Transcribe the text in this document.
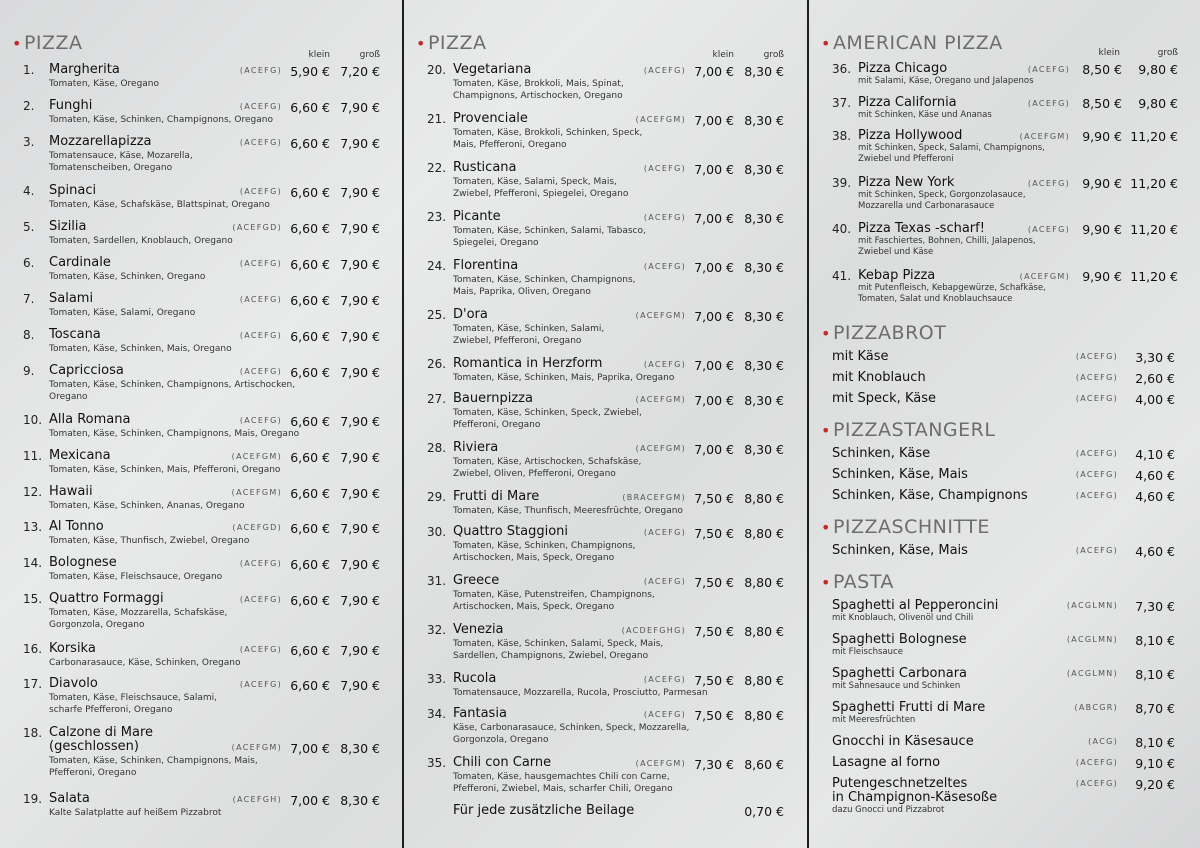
• PIZZA
klein	groß
1. Margherita
Tomaten, Käse, Oregano
(ACEFG) 5,90 € 7,20 €
2. Funghi
Tomaten, Käse, Schinken, Champignons, Oregano
(ACEFG) 6,60 € 7,90 €
3. Mozzarellapizza
Tomatensauce, Käse, Mozarella,
Tomatenscheiben, Oregano
(ACEFG) 6,60 € 7,90 €
4. Spinaci
Tomaten, Käse, Schafskäse, Blattspinat, Oregano
(ACEFG) 6,60 € 7,90 €
5. Sizilia
Tomaten, Sardellen, Knoblauch, Oregano
(ACEFGD) 6,60 € 7,90 €
6. Cardinale
Tomaten, Käse, Schinken, Oregano
(ACEFG) 6,60 € 7,90 €
7. Salami
Tomaten, Käse, Salami, Oregano
(ACEFG) 6,60 € 7,90 €
8. Toscana
Tomaten, Käse, Schinken, Mais, Oregano
(ACEFG) 6,60 € 7,90 €
9. Capricciosa
Tomaten, Käse, Schinken, Champignons, Artischocken,
Oregano
(ACEFG) 6,60 € 7,90 €
10. Alla Romana
Tomaten, Käse, Schinken, Champignons, Mais, Oregano
(ACEFG) 6,60 € 7,90 €
11. Mexicana
Tomaten, Käse, Schinken, Mais, Pfefferoni, Oregano
(ACEFGM) 6,60 € 7,90 €
12. Hawaii
Tomaten, Käse, Schinken, Ananas, Oregano
(ACEFGM) 6,60 € 7,90 €
13. Al Tonno
Tomaten, Käse, Thunfisch, Zwiebel, Oregano
(ACEFGD) 6,60 € 7,90 €
14. Bolognese
Tomaten, Käse, Fleischsauce, Oregano
(ACEFG) 6,60 € 7,90 €
15. Quattro Formaggi
Tomaten, Käse, Mozzarella, Schafskäse,
Gorgonzola, Oregano
(ACEFG) 6,60 € 7,90 €
16. Korsika
Carbonarasauce, Käse, Schinken, Oregano
(ACEFG) 6,60 € 7,90 €
17. Diavolo
Tomaten, Käse, Fleischsauce, Salami,
scharfe Pfefferoni, Oregano
(ACEFG) 6,60 € 7,90 €
18. Calzone di Mare
(geschlossen)
Tomaten, Käse, Schinken, Champignons, Mais,
Pfefferoni, Oregano
(ACEFGM) 7,00 € 8,30 €
19. Salata
Kalte Salatplatte auf heißem Pizzabrot
(ACEFGH) 7,00 € 8,30 €
• PIZZA
klein	groß
20. Vegetariana
Tomaten, Käse, Brokkoli, Mais, Spinat,
Champignons, Artischocken, Oregano
(ACEFG) 7,00 € 8,30 €
21. Provenciale
Tomaten, Käse, Brokkoli, Schinken, Speck,
Mais, Pfefferoni, Oregano
(ACEFGM) 7,00 € 8,30 €
22. Rusticana
Tomaten, Käse, Salami, Speck, Mais,
Zwiebel, Pfefferoni, Spiegelei, Oregano
(ACEFG) 7,00 € 8,30 €
23. Picante
Tomaten, Käse, Schinken, Salami, Tabasco,
Spiegelei, Oregano
(ACEFG) 7,00 € 8,30 €
24. Florentina
Tomaten, Käse, Schinken, Champignons,
Mais, Paprika, Oliven, Oregano
(ACEFG) 7,00 € 8,30 €
25. D'ora
Tomaten, Käse, Schinken, Salami,
Zwiebel, Pfefferoni, Oregano
(ACEFGM) 7,00 € 8,30 €
26. Romantica in Herzform
Tomaten, Käse, Schinken, Mais, Paprika, Oregano
(ACEFG) 7,00 € 8,30 €
27. Bauernpizza
Tomaten, Käse, Schinken, Speck, Zwiebel,
Pfefferoni, Oregano
(ACEFGM) 7,00 € 8,30 €
28. Riviera
Tomaten, Käse, Artischocken, Schafskäse,
Zwiebel, Oliven, Pfefferoni, Oregano
(ACEFGM) 7,00 € 8,30 €
29. Frutti di Mare
Tomaten, Käse, Thunfisch, Meeresfrüchte, Oregano
(BRACEFGM) 7,50 € 8,80 €
30. Quattro Staggioni
Tomaten, Käse, Schinken, Champignons,
Artischocken, Mais, Speck, Oregano
(ACEFG) 7,50 € 8,80 €
31. Greece
Tomaten, Käse, Putenstreifen, Champignons,
Artischocken, Mais, Speck, Oregano
(ACEFG) 7,50 € 8,80 €
32. Venezia
Tomaten, Käse, Schinken, Salami, Speck, Mais,
Sardellen, Champignons, Zwiebel, Oregano
(ACDEFGHG) 7,50 € 8,80 €
33. Rucola
Tomatensauce, Mozzarella, Rucola, Prosciutto, Parmesan
(ACEFG) 7,50 € 8,80 €
34. Fantasia
Käse, Carbonarasauce, Schinken, Speck, Mozzarella,
Gorgonzola, Oregano
(ACEFG) 7,50 € 8,80 €
35. Chili con Carne
Tomaten, Käse, hausgemachtes Chili con Carne,
Pfefferoni, Zwiebel, Mais, scharfer Chili, Oregano
(ACEFGM) 7,30 € 8,60 €
Für jede zusätzliche Beilage	0,70 €
• AMERICAN PIZZA	klein	groß
36. Pizza Chicago
mit Salami, Käse, Oregano und Jalapenos
(ACEFG) 8,50 €	9,80 €
37. Pizza California
mit Schinken, Käse und Ananas
(ACEFG) 8,50 €	9,80 €
38. Pizza Hollywood
mit Schinken, Speck, Salami, Champignons,
Zwiebel und Pfefferoni
(ACEFGM) 9,90 € 11,20 €
39. Pizza New York
mit Schinken, Speck, Gorgonzolasauce,
Mozzarella und Carbonarasauce
(ACEFG) 9,90 € 11,20 €
40. Pizza Texas -scharf!
mit Faschiertes, Bohnen, Chilli, Jalapenos,
Zwiebel und Käse
(ACEFG) 9,90 € 11,20 €
41. Kebap Pizza
mit Putenfleisch, Kebapgewürze, Schafkäse,
Tomaten, Salat und Knoblauchsauce
(ACEFGM) 9,90 € 11,20 €
• PIZZABROT
mit Käse	(ACEFG)	3,30 €
mit Knoblauch	(ACEFG)	2,60 €
mit Speck, Käse	(ACEFG)	4,00 €
• PIZZASTANGERL
Schinken, Käse	(ACEFG)	4,10 €
Schinken, Käse, Mais	(ACEFG)	4,60 €
Schinken, Käse, Champignons	(ACEFG)	4,60 €
• PIZZASCHNITTE
Schinken, Käse, Mais	(ACEFG)	4,60 €
• PASTA
Spaghetti al Pepperoncini
mit Knoblauch, Olivenöl und Chili
(ACGLMN)	7,30 €
Spaghetti Bolognese
mit Fleischsauce
(ACGLMN)	8,10 €
Spaghetti Carbonara
mit Sahnesauce und Schinken
(ACGLMN)	8,10 €
Spaghetti Frutti di Mare
mit Meeresfrüchten
(ABCGR)	8,70 €
Gnocchi in Käsesauce	(ACG)	8,10 €
Lasagne al forno	(ACEFG)	9,10 €
Putengeschnetzeltes
in Champignon-Käsesoße
dazu Gnocci und Pizzabrot
(ACEFG)	9,20 €
